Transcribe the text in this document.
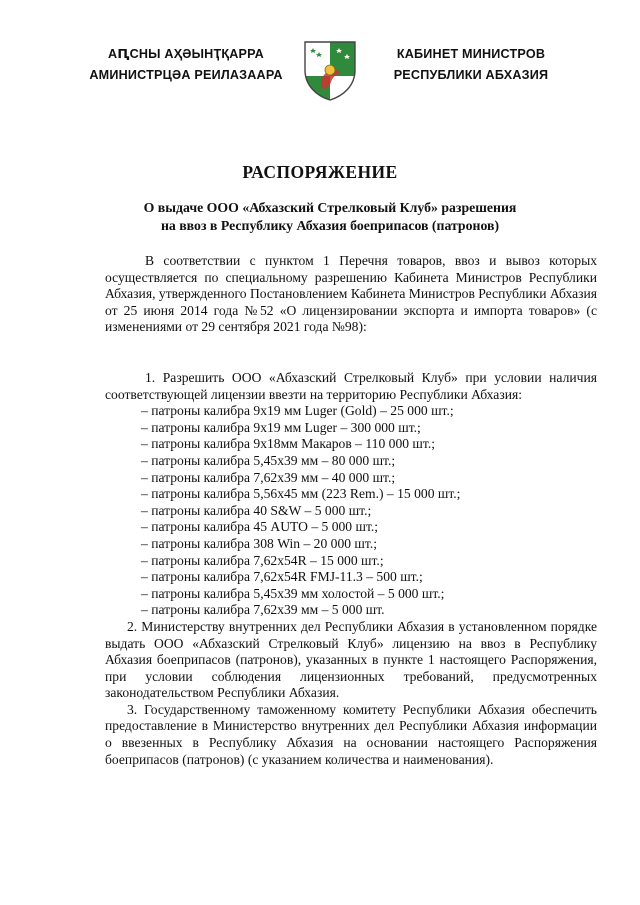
АԤСНЫ АҲӘЫНҬҚАРРА
АМИНИСТРЦӘА РЕИЛАЗААРА
КАБИНЕТ МИНИСТРОВ
РЕСПУБЛИКИ АБХАЗИЯ
РАСПОРЯЖЕНИЕ
О выдаче ООО «Абхазский Стрелковый Клуб» разрешения
на ввоз в Республику Абхазия боеприпасов (патронов)
В соответствии с пунктом 1 Перечня товаров, ввоз и вывоз которых осуществляется по специальному разрешению Кабинета Министров Республики Абхазия, утвержденного Постановлением Кабинета Министров Республики Абхазия от 25 июня 2014 года №52 «О лицензировании экспорта и импорта товаров» (с изменениями от 29 сентября 2021 года №98):
1. Разрешить ООО «Абхазский Стрелковый Клуб» при условии наличия соответствующей лицензии ввезти на территорию Республики Абхазия:
– патроны калибра 9х19 мм Luger (Gold) – 25 000 шт.;
– патроны калибра 9х19 мм Luger – 300 000 шт.;
– патроны калибра 9х18мм Макаров – 110 000 шт.;
– патроны калибра 5,45х39 мм – 80 000 шт.;
– патроны калибра 7,62х39 мм – 40 000 шт.;
– патроны калибра 5,56х45 мм (223 Rem.) – 15 000 шт.;
– патроны калибра 40 S&W – 5 000 шт.;
– патроны калибра 45 AUTO – 5 000 шт.;
– патроны калибра 308 Win – 20 000 шт.;
– патроны калибра 7,62х54R – 15 000 шт.;
– патроны калибра 7,62х54R FMJ-11.3 – 500 шт.;
– патроны калибра 5,45х39 мм холостой – 5 000 шт.;
– патроны калибра 7,62х39 мм – 5 000 шт.
2. Министерству внутренних дел Республики Абхазия в установленном порядке выдать ООО «Абхазский Стрелковый Клуб» лицензию на ввоз в Республику Абхазия боеприпасов (патронов), указанных в пункте 1 настоящего Распоряжения, при условии соблюдения лицензионных требований, предусмотренных законодательством Республики Абхазия.
3. Государственному таможенному комитету Республики Абхазия обеспечить предоставление в Министерство внутренних дел Республики Абхазия информации о ввезенных в Республику Абхазия на основании настоящего Распоряжения боеприпасов (патронов) (с указанием количества и наименования).
